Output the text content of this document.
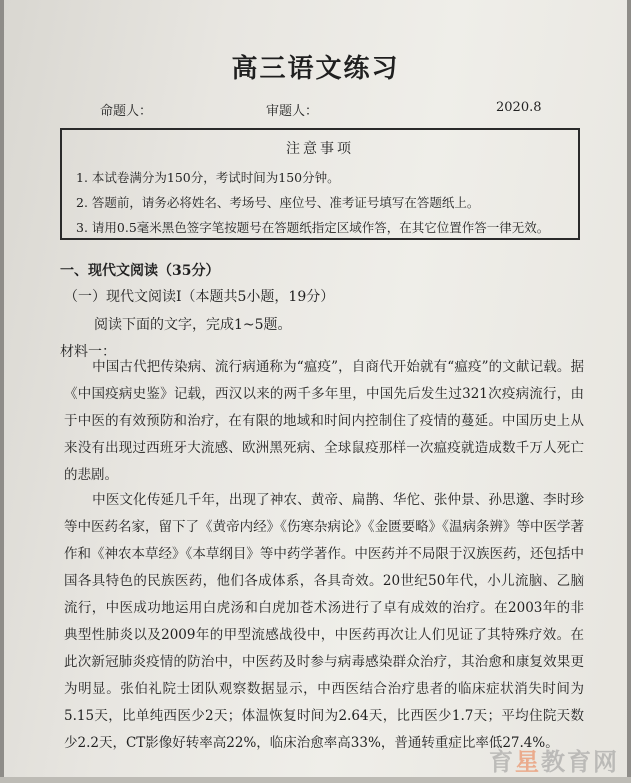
高三语文练习
命题人：	审题人：	2020.8
注意事项
1. 本试卷满分为150分，考试时间为150分钟。
2. 答题前，请务必将姓名、考场号、座位号、准考证号填写在答题纸上。
3. 请用0.5毫米黑色签字笔按题号在答题纸指定区域作答，在其它位置作答一律无效。
一、现代文阅读（35分）
（一）现代文阅读Ⅰ（本题共5小题，19分）
阅读下面的文字，完成1~5题。
材料一：
中国古代把传染病、流行病通称为“瘟疫”，自商代开始就有“瘟疫”的文献记载。据《中国疫病史鉴》记载，西汉以来的两千多年里，中国先后发生过321次疫病流行，由于中医的有效预防和治疗，在有限的地域和时间内控制住了疫情的蔓延。中国历史上从来没有出现过西班牙大流感、欧洲黑死病、全球鼠疫那样一次瘟疫就造成数千万人死亡的悲剧。
中医文化传延几千年，出现了神农、黄帝、扁鹊、华佗、张仲景、孙思邈、李时珍等中医药名家，留下了《黄帝内经》《伤寒杂病论》《金匮要略》《温病条辨》等中医学著作和《神农本草经》《本草纲目》等中药学著作。中医药并不局限于汉族医药，还包括中国各具特色的民族医药，他们各成体系，各具奇效。20世纪50年代，小儿流脑、乙脑流行，中医成功地运用白虎汤和白虎加苍术汤进行了卓有成效的治疗。在2003年的非典型性肺炎以及2009年的甲型流感战役中，中医药再次让人们见证了其特殊疗效。在此次新冠肺炎疫情的防治中，中医药及时参与病毒感染群众治疗，其治愈和康复效果更为明显。张伯礼院士团队观察数据显示，中西医结合治疗患者的临床症状消失时间为5.15天，比单纯西医少2天；体温恢复时间为2.64天，比西医少1.7天；平均住院天数少2.2天，CT影像好转率高22%，临床治愈率高33%，普通转重症比率低27.4%。
育星教育网
